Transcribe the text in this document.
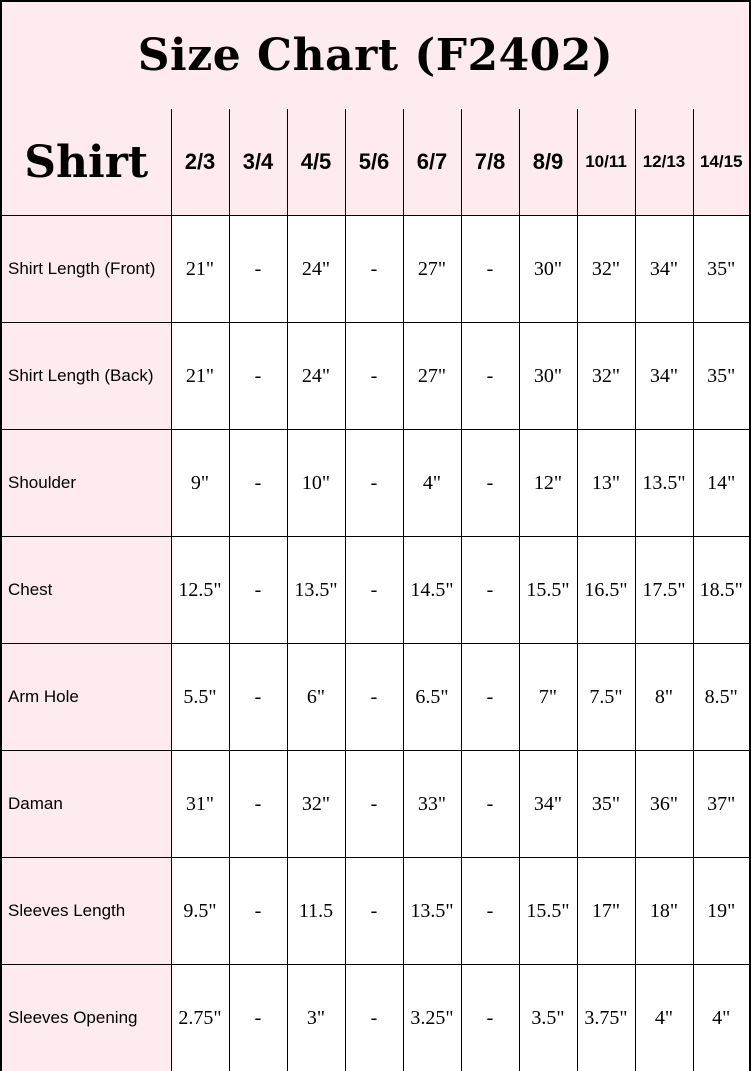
Size Chart (F2402)
Shirt	2/3	3/4	4/5	5/6	6/7	7/8	8/9	10/11	12/13	14/15
Shirt Length (Front)	21"	-	24"	-	27"	-	30"	32"	34"	35"
Shirt Length (Back)	21"	-	24"	-	27"	-	30"	32"	34"	35"
Shoulder	9"	-	10"	-	4"	-	12"	13"	13.5"	14"
Chest	12.5"	-	13.5"	-	14.5"	-	15.5"	16.5"	17.5"	18.5"
Arm Hole	5.5"	-	6"	-	6.5"	-	7"	7.5"	8"	8.5"
Daman	31"	-	32"	-	33"	-	34"	35"	36"	37"
Sleeves Length	9.5"	-	11.5	-	13.5"	-	15.5"	17"	18"	19"
Sleeves Opening	2.75"	-	3"	-	3.25"	-	3.5"	3.75"	4"	4"
